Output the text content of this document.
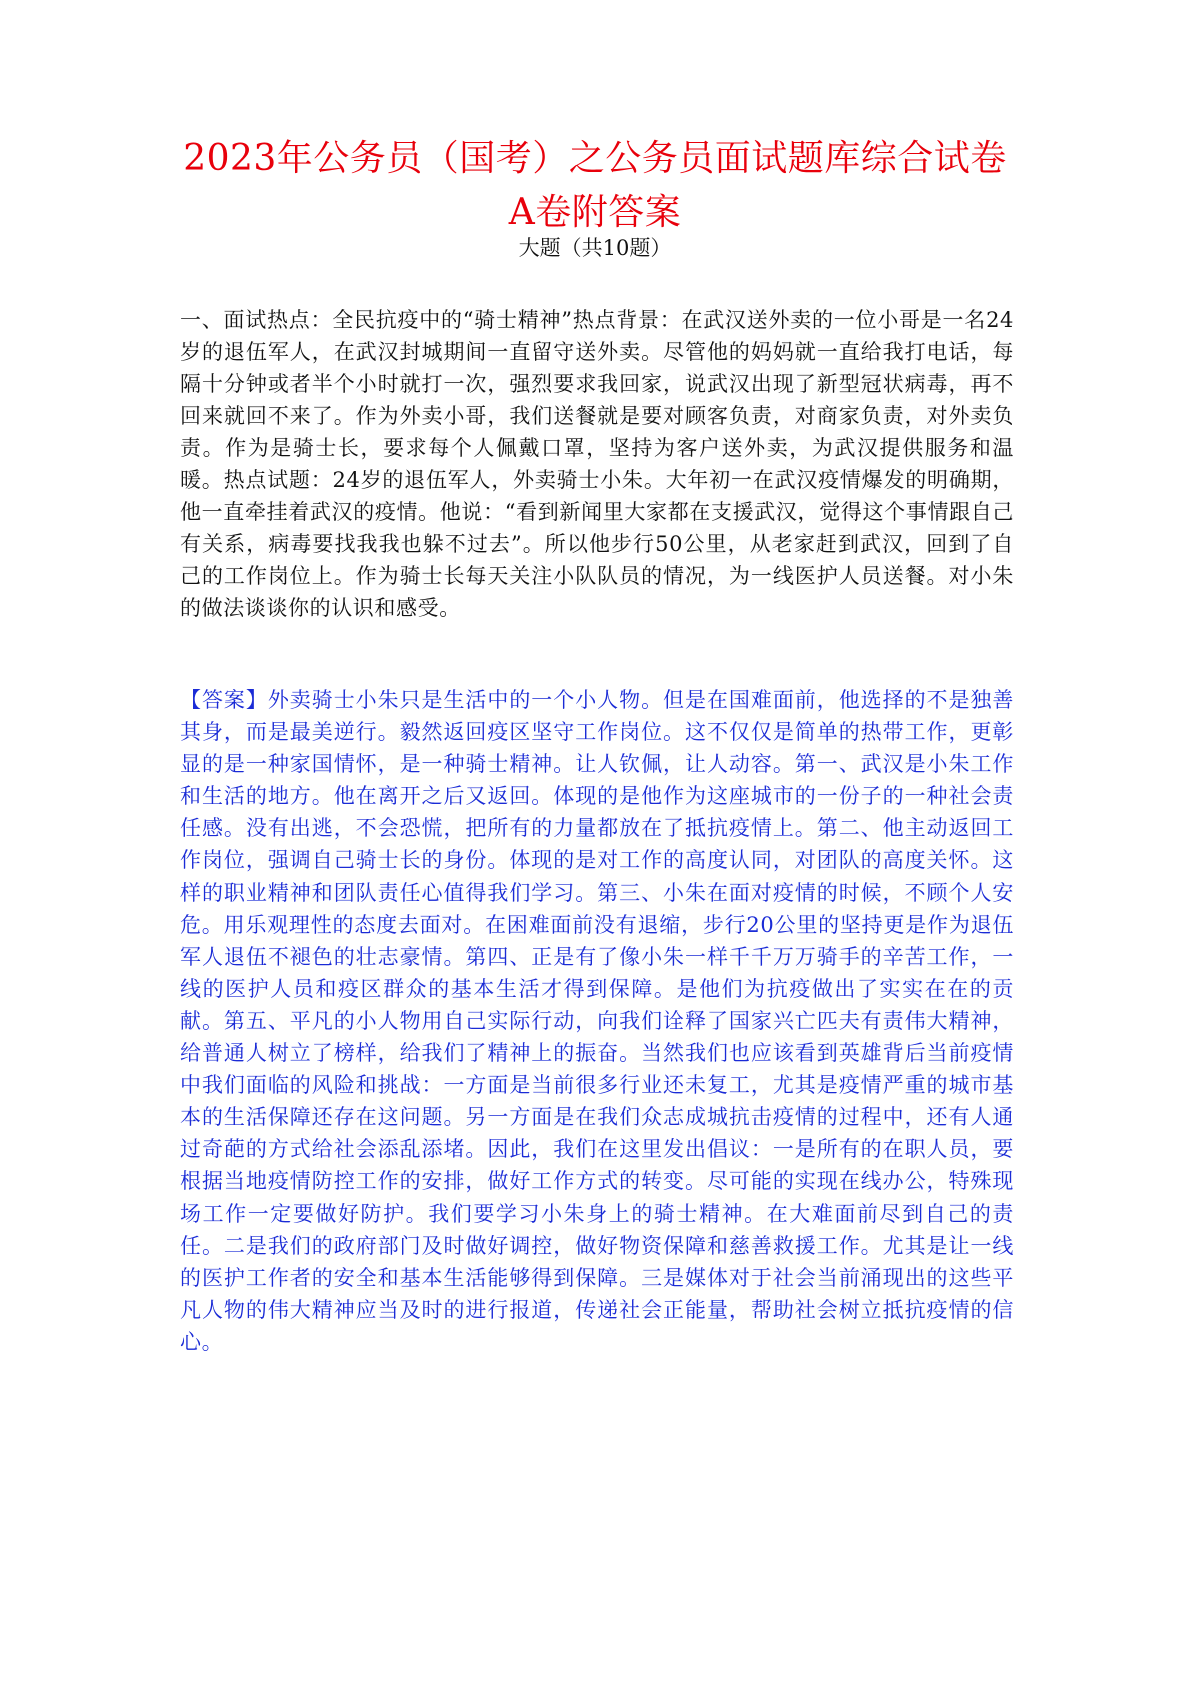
2023年公务员（国考）之公务员面试题库综合试卷A卷附答案

大题（共10题）

一、面试热点：全民抗疫中的“骑士精神”热点背景：在武汉送外卖的一位小哥是一名24岁的退伍军人，在武汉封城期间一直留守送外卖。尽管他的妈妈就一直给我打电话，每隔十分钟或者半个小时就打一次，强烈要求我回家，说武汉出现了新型冠状病毒，再不回来就回不来了。作为外卖小哥，我们送餐就是要对顾客负责，对商家负责，对外卖负责。作为是骑士长，要求每个人佩戴口罩，坚持为客户送外卖，为武汉提供服务和温暖。热点试题：24岁的退伍军人，外卖骑士小朱。大年初一在武汉疫情爆发的明确期，他一直牵挂着武汉的疫情。他说：“看到新闻里大家都在支援武汉，觉得这个事情跟自己有关系，病毒要找我我也躲不过去”。所以他步行50公里，从老家赶到武汉，回到了自己的工作岗位上。作为骑士长每天关注小队队员的情况，为一线医护人员送餐。对小朱的做法谈谈你的认识和感受。

【答案】外卖骑士小朱只是生活中的一个小人物。但是在国难面前，他选择的不是独善其身，而是最美逆行。毅然返回疫区坚守工作岗位。这不仅仅是简单的热带工作，更彰显的是一种家国情怀，是一种骑士精神。让人钦佩，让人动容。第一、武汉是小朱工作和生活的地方。他在离开之后又返回。体现的是他作为这座城市的一份子的一种社会责任感。没有出逃，不会恐慌，把所有的力量都放在了抵抗疫情上。第二、他主动返回工作岗位，强调自己骑士长的身份。体现的是对工作的高度认同，对团队的高度关怀。这样的职业精神和团队责任心值得我们学习。第三、小朱在面对疫情的时候，不顾个人安危。用乐观理性的态度去面对。在困难面前没有退缩，步行20公里的坚持更是作为退伍军人退伍不褪色的壮志豪情。第四、正是有了像小朱一样千千万万骑手的辛苦工作，一线的医护人员和疫区群众的基本生活才得到保障。是他们为抗疫做出了实实在在的贡献。第五、平凡的小人物用自己实际行动，向我们诠释了国家兴亡匹夫有责伟大精神，给普通人树立了榜样，给我们了精神上的振奋。当然我们也应该看到英雄背后当前疫情中我们面临的风险和挑战：一方面是当前很多行业还未复工，尤其是疫情严重的城市基本的生活保障还存在这问题。另一方面是在我们众志成城抗击疫情的过程中，还有人通过奇葩的方式给社会添乱添堵。因此，我们在这里发出倡议：一是所有的在职人员，要根据当地疫情防控工作的安排，做好工作方式的转变。尽可能的实现在线办公，特殊现场工作一定要做好防护。我们要学习小朱身上的骑士精神。在大难面前尽到自己的责任。二是我们的政府部门及时做好调控，做好物资保障和慈善救援工作。尤其是让一线的医护工作者的安全和基本生活能够得到保障。三是媒体对于社会当前涌现出的这些平凡人物的伟大精神应当及时的进行报道，传递社会正能量，帮助社会树立抵抗疫情的信心。
